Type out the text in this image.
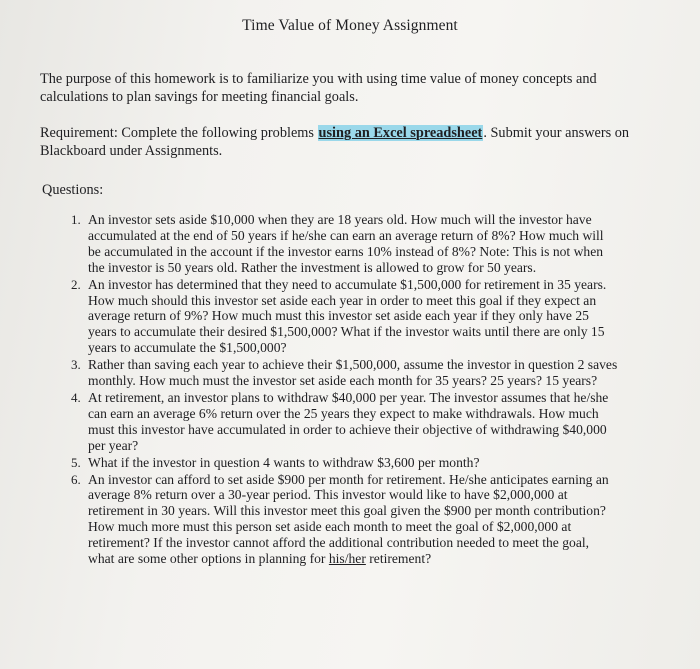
Time Value of Money Assignment
The purpose of this homework is to familiarize you with using time value of money concepts and calculations to plan savings for meeting financial goals.
Requirement: Complete the following problems using an Excel spreadsheet. Submit your answers on Blackboard under Assignments.
Questions:
1. An investor sets aside $10,000 when they are 18 years old. How much will the investor have accumulated at the end of 50 years if he/she can earn an average return of 8%? How much will be accumulated in the account if the investor earns 10% instead of 8%? Note: This is not when the investor is 50 years old. Rather the investment is allowed to grow for 50 years.
2. An investor has determined that they need to accumulate $1,500,000 for retirement in 35 years. How much should this investor set aside each year in order to meet this goal if they expect an average return of 9%? How much must this investor set aside each year if they only have 25 years to accumulate their desired $1,500,000? What if the investor waits until there are only 15 years to accumulate the $1,500,000?
3. Rather than saving each year to achieve their $1,500,000, assume the investor in question 2 saves monthly. How much must the investor set aside each month for 35 years? 25 years? 15 years?
4. At retirement, an investor plans to withdraw $40,000 per year. The investor assumes that he/she can earn an average 6% return over the 25 years they expect to make withdrawals. How much must this investor have accumulated in order to achieve their objective of withdrawing $40,000 per year?
5. What if the investor in question 4 wants to withdraw $3,600 per month?
6. An investor can afford to set aside $900 per month for retirement. He/she anticipates earning an average 8% return over a 30-year period. This investor would like to have $2,000,000 at retirement in 30 years. Will this investor meet this goal given the $900 per month contribution? How much more must this person set aside each month to meet the goal of $2,000,000 at retirement? If the investor cannot afford the additional contribution needed to meet the goal, what are some other options in planning for his/her retirement?
